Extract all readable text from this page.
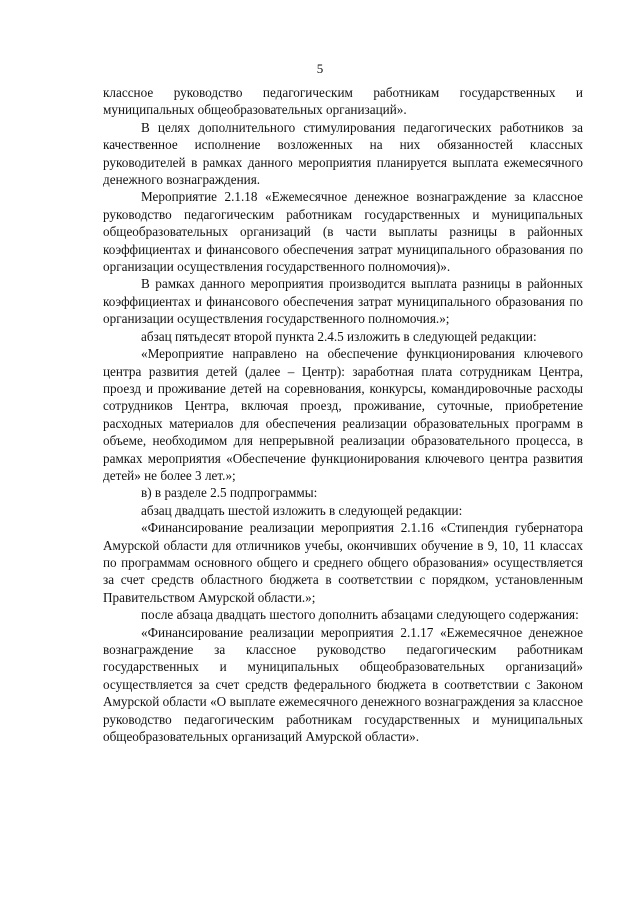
5

классное руководство педагогическим работникам государственных и муниципальных общеобразовательных организаций».

В целях дополнительного стимулирования педагогических работников за качественное исполнение возложенных на них обязанностей классных руководителей в рамках данного мероприятия планируется выплата ежемесячного денежного вознаграждения.

Мероприятие 2.1.18 «Ежемесячное денежное вознаграждение за классное руководство педагогическим работникам государственных и муниципальных общеобразовательных организаций (в части выплаты разницы в районных коэффициентах и финансового обеспечения затрат муниципального образования по организации осуществления государственного полномочия)».

В рамках данного мероприятия производится выплата разницы в районных коэффициентах и финансового обеспечения затрат муниципального образования по организации осуществления государственного полномочия.»;

абзац пятьдесят второй пункта 2.4.5 изложить в следующей редакции:

«Мероприятие направлено на обеспечение функционирования ключевого центра развития детей (далее – Центр): заработная плата сотрудникам Центра, проезд и проживание детей на соревнования, конкурсы, командировочные расходы сотрудников Центра, включая проезд, проживание, суточные, приобретение расходных материалов для обеспечения реализации образовательных программ в объеме, необходимом для непрерывной реализации образовательного процесса, в рамках мероприятия «Обеспечение функционирования ключевого центра развития детей» не более 3 лет.»;

в) в разделе 2.5 подпрограммы:

абзац двадцать шестой изложить в следующей редакции:

«Финансирование реализации мероприятия 2.1.16 «Стипендия губернатора Амурской области для отличников учебы, окончивших обучение в 9, 10, 11 классах по программам основного общего и среднего общего образования» осуществляется за счет средств областного бюджета в соответствии с порядком, установленным Правительством Амурской области.»;

после абзаца двадцать шестого дополнить абзацами следующего содержания:

«Финансирование реализации мероприятия 2.1.17 «Ежемесячное денежное вознаграждение за классное руководство педагогическим работникам государственных и муниципальных общеобразовательных организаций» осуществляется за счет средств федерального бюджета в соответствии с Законом Амурской области «О выплате ежемесячного денежного вознаграждения за классное руководство педагогическим работникам государственных и муниципальных общеобразовательных организаций Амурской области».
